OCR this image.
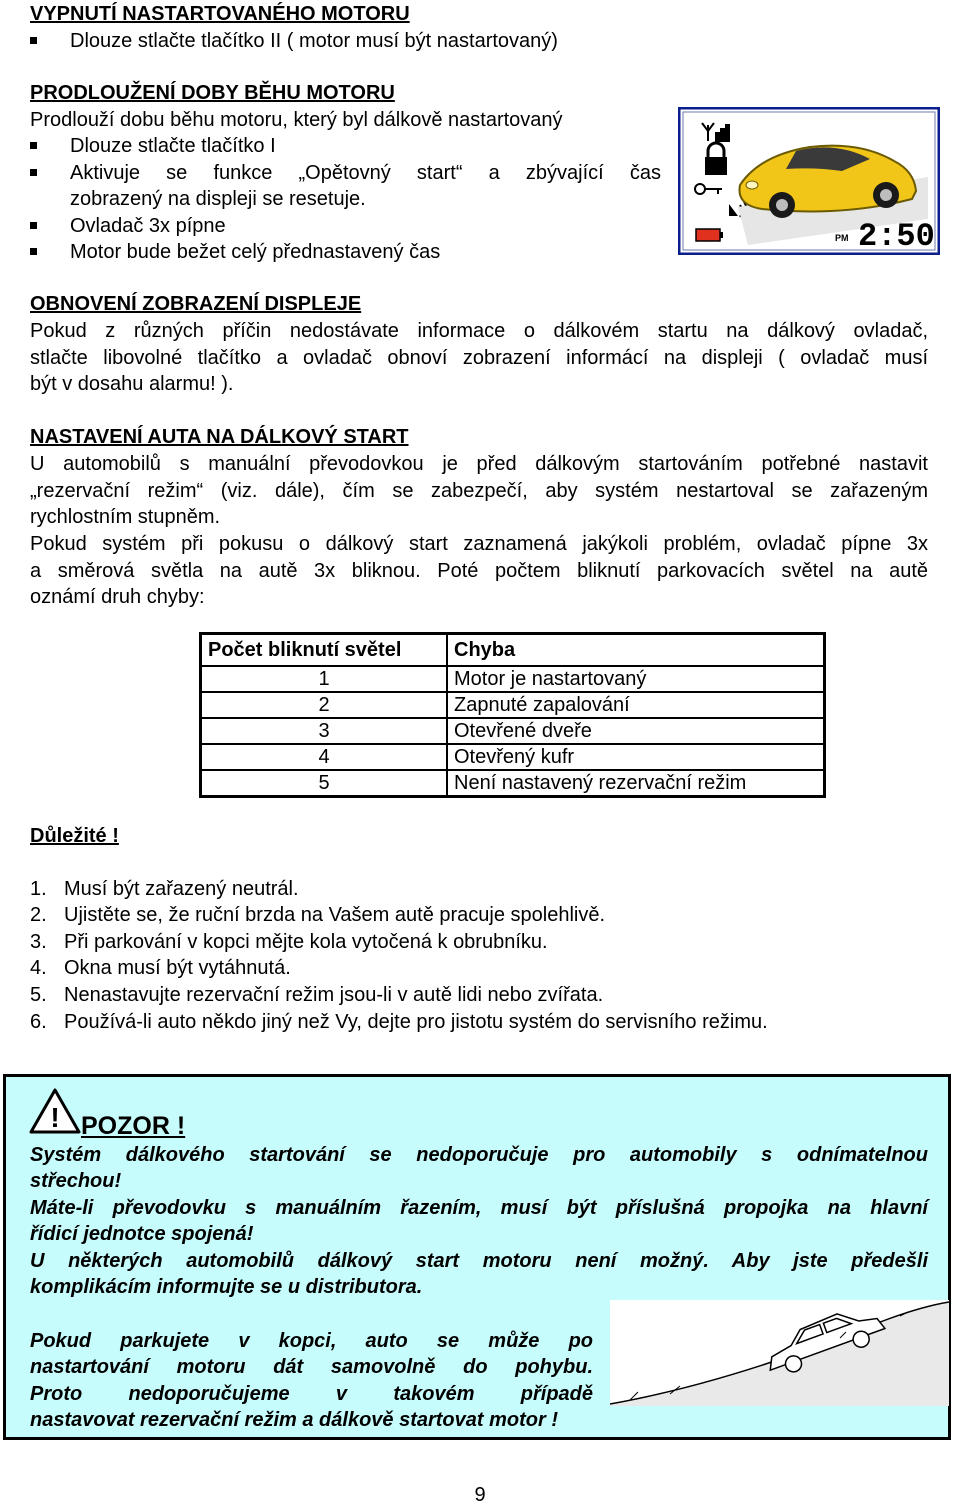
VYPNUTÍ NASTARTOVANÉHO MOTORU
Dlouze stlačte tlačítko II ( motor musí být nastartovaný)
PRODLOUŽENÍ DOBY BĚHU MOTORU
Prodlouží dobu běhu motoru, který byl dálkově nastartovaný
Dlouze stlačte tlačítko I
Aktivuje se funkce „Opětovný start“ a zbývající čas
zobrazený na displeji se resetuje.
Ovladač 3x pípne
Motor bude bežet celý přednastavený čas
PM 2:50
OBNOVENÍ ZOBRAZENÍ DISPLEJE
Pokud z různých příčin nedostávate informace o dálkovém startu na dálkový ovladač,
stlačte libovolné tlačítko a ovladač obnoví zobrazení informácí na displeji ( ovladač musí
být v dosahu alarmu! ).
NASTAVENÍ AUTA NA DÁLKOVÝ START
U automobilů s manuální převodovkou je před dálkovým startováním potřebné nastavit
„rezervační režim“ (viz. dále), čím se zabezpečí, aby systém nestartoval se zařazeným
rychlostním stupněm.
Pokud systém při pokusu o dálkový start zaznamená jakýkoli problém, ovladač pípne 3x
a směrová světla na autě 3x bliknou. Poté počtem bliknutí parkovacích světel na autě
oznámí druh chyby:
Počet bliknutí světel	Chyba
1	Motor je nastartovaný
2	Zapnuté zapalování
3	Otevřené dveře
4	Otevřený kufr
5	Není nastavený rezervační režim
Důležité !
1. Musí být zařazený neutrál.
2. Ujistěte se, že ruční brzda na Vašem autě pracuje spolehlivě.
3. Při parkování v kopci mějte kola vytočená k obrubníku.
4. Okna musí být vytáhnutá.
5. Nenastavujte rezervační režim jsou-li v autě lidi nebo zvířata.
6. Používá-li auto někdo jiný než Vy, dejte pro jistotu systém do servisního režimu.
! POZOR !
Systém dálkového startování se nedoporučuje pro automobily s odnímatelnou
střechou!
Máte-li převodovku s manuálním řazením, musí být příslušná propojka na hlavní
řídicí jednotce spojená!
U některých automobilů dálkový start motoru není možný. Aby jste předešli
komplikácím informujte se u distributora.
Pokud parkujete v kopci, auto se může po
nastartování motoru dát samovolně do pohybu.
Proto nedoporučujeme v takovém případě
nastavovat rezervační režim a dálkově startovat motor !
9
